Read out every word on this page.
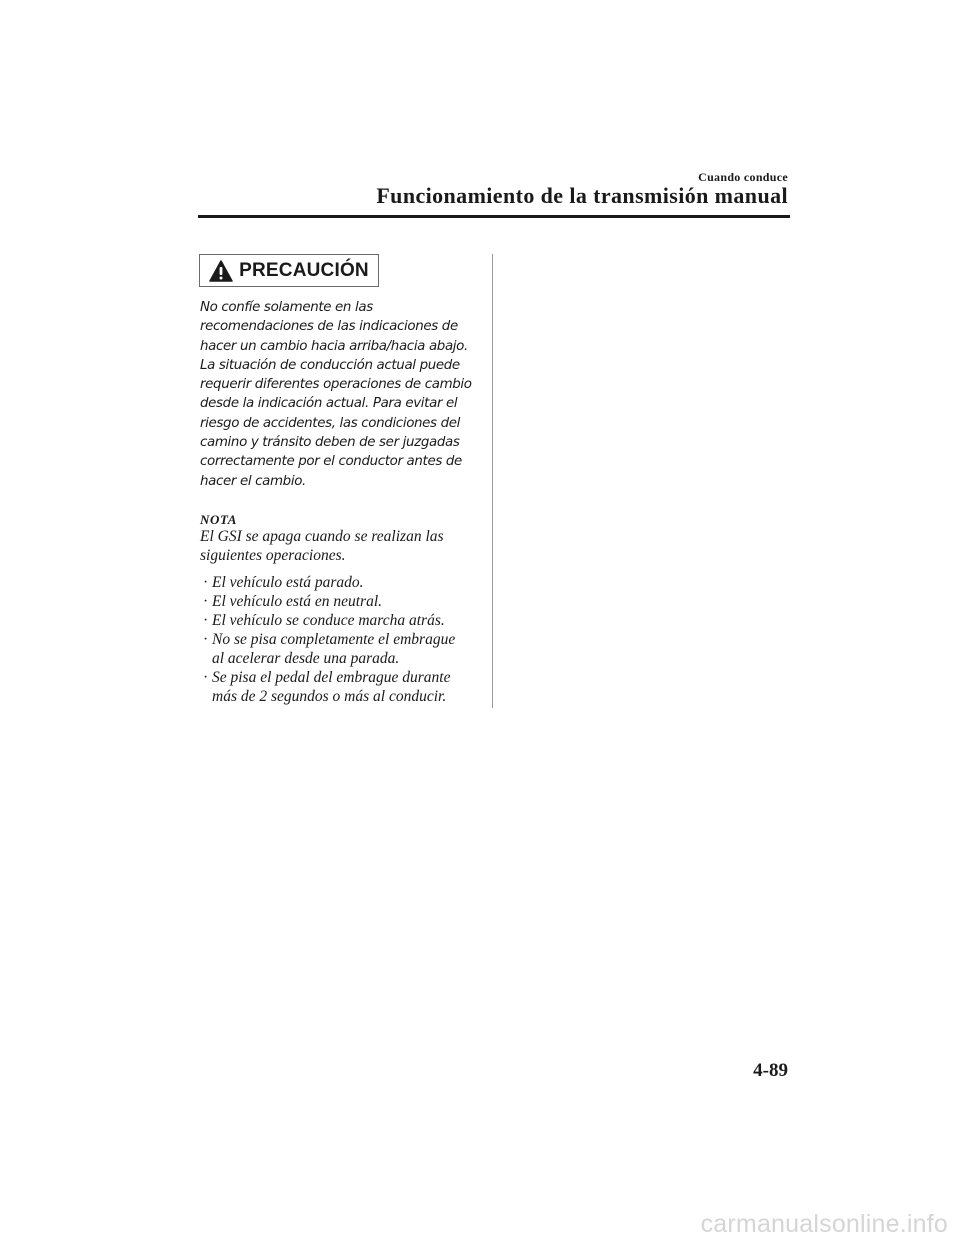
Cuando conduce
Funcionamiento de la transmisión manual
PRECAUCIÓN
No confíe solamente en las
recomendaciones de las indicaciones de
hacer un cambio hacia arriba/hacia abajo.
La situación de conducción actual puede
requerir diferentes operaciones de cambio
desde la indicación actual. Para evitar el
riesgo de accidentes, las condiciones del
camino y tránsito deben de ser juzgadas
correctamente por el conductor antes de
hacer el cambio.
NOTA
El GSI se apaga cuando se realizan las
siguientes operaciones.
· El vehículo está parado.
· El vehículo está en neutral.
· El vehículo se conduce marcha atrás.
· No se pisa completamente el embrague
al acelerar desde una parada.
· Se pisa el pedal del embrague durante
más de 2 segundos o más al conducir.
4-89
carmanualsonline.info
